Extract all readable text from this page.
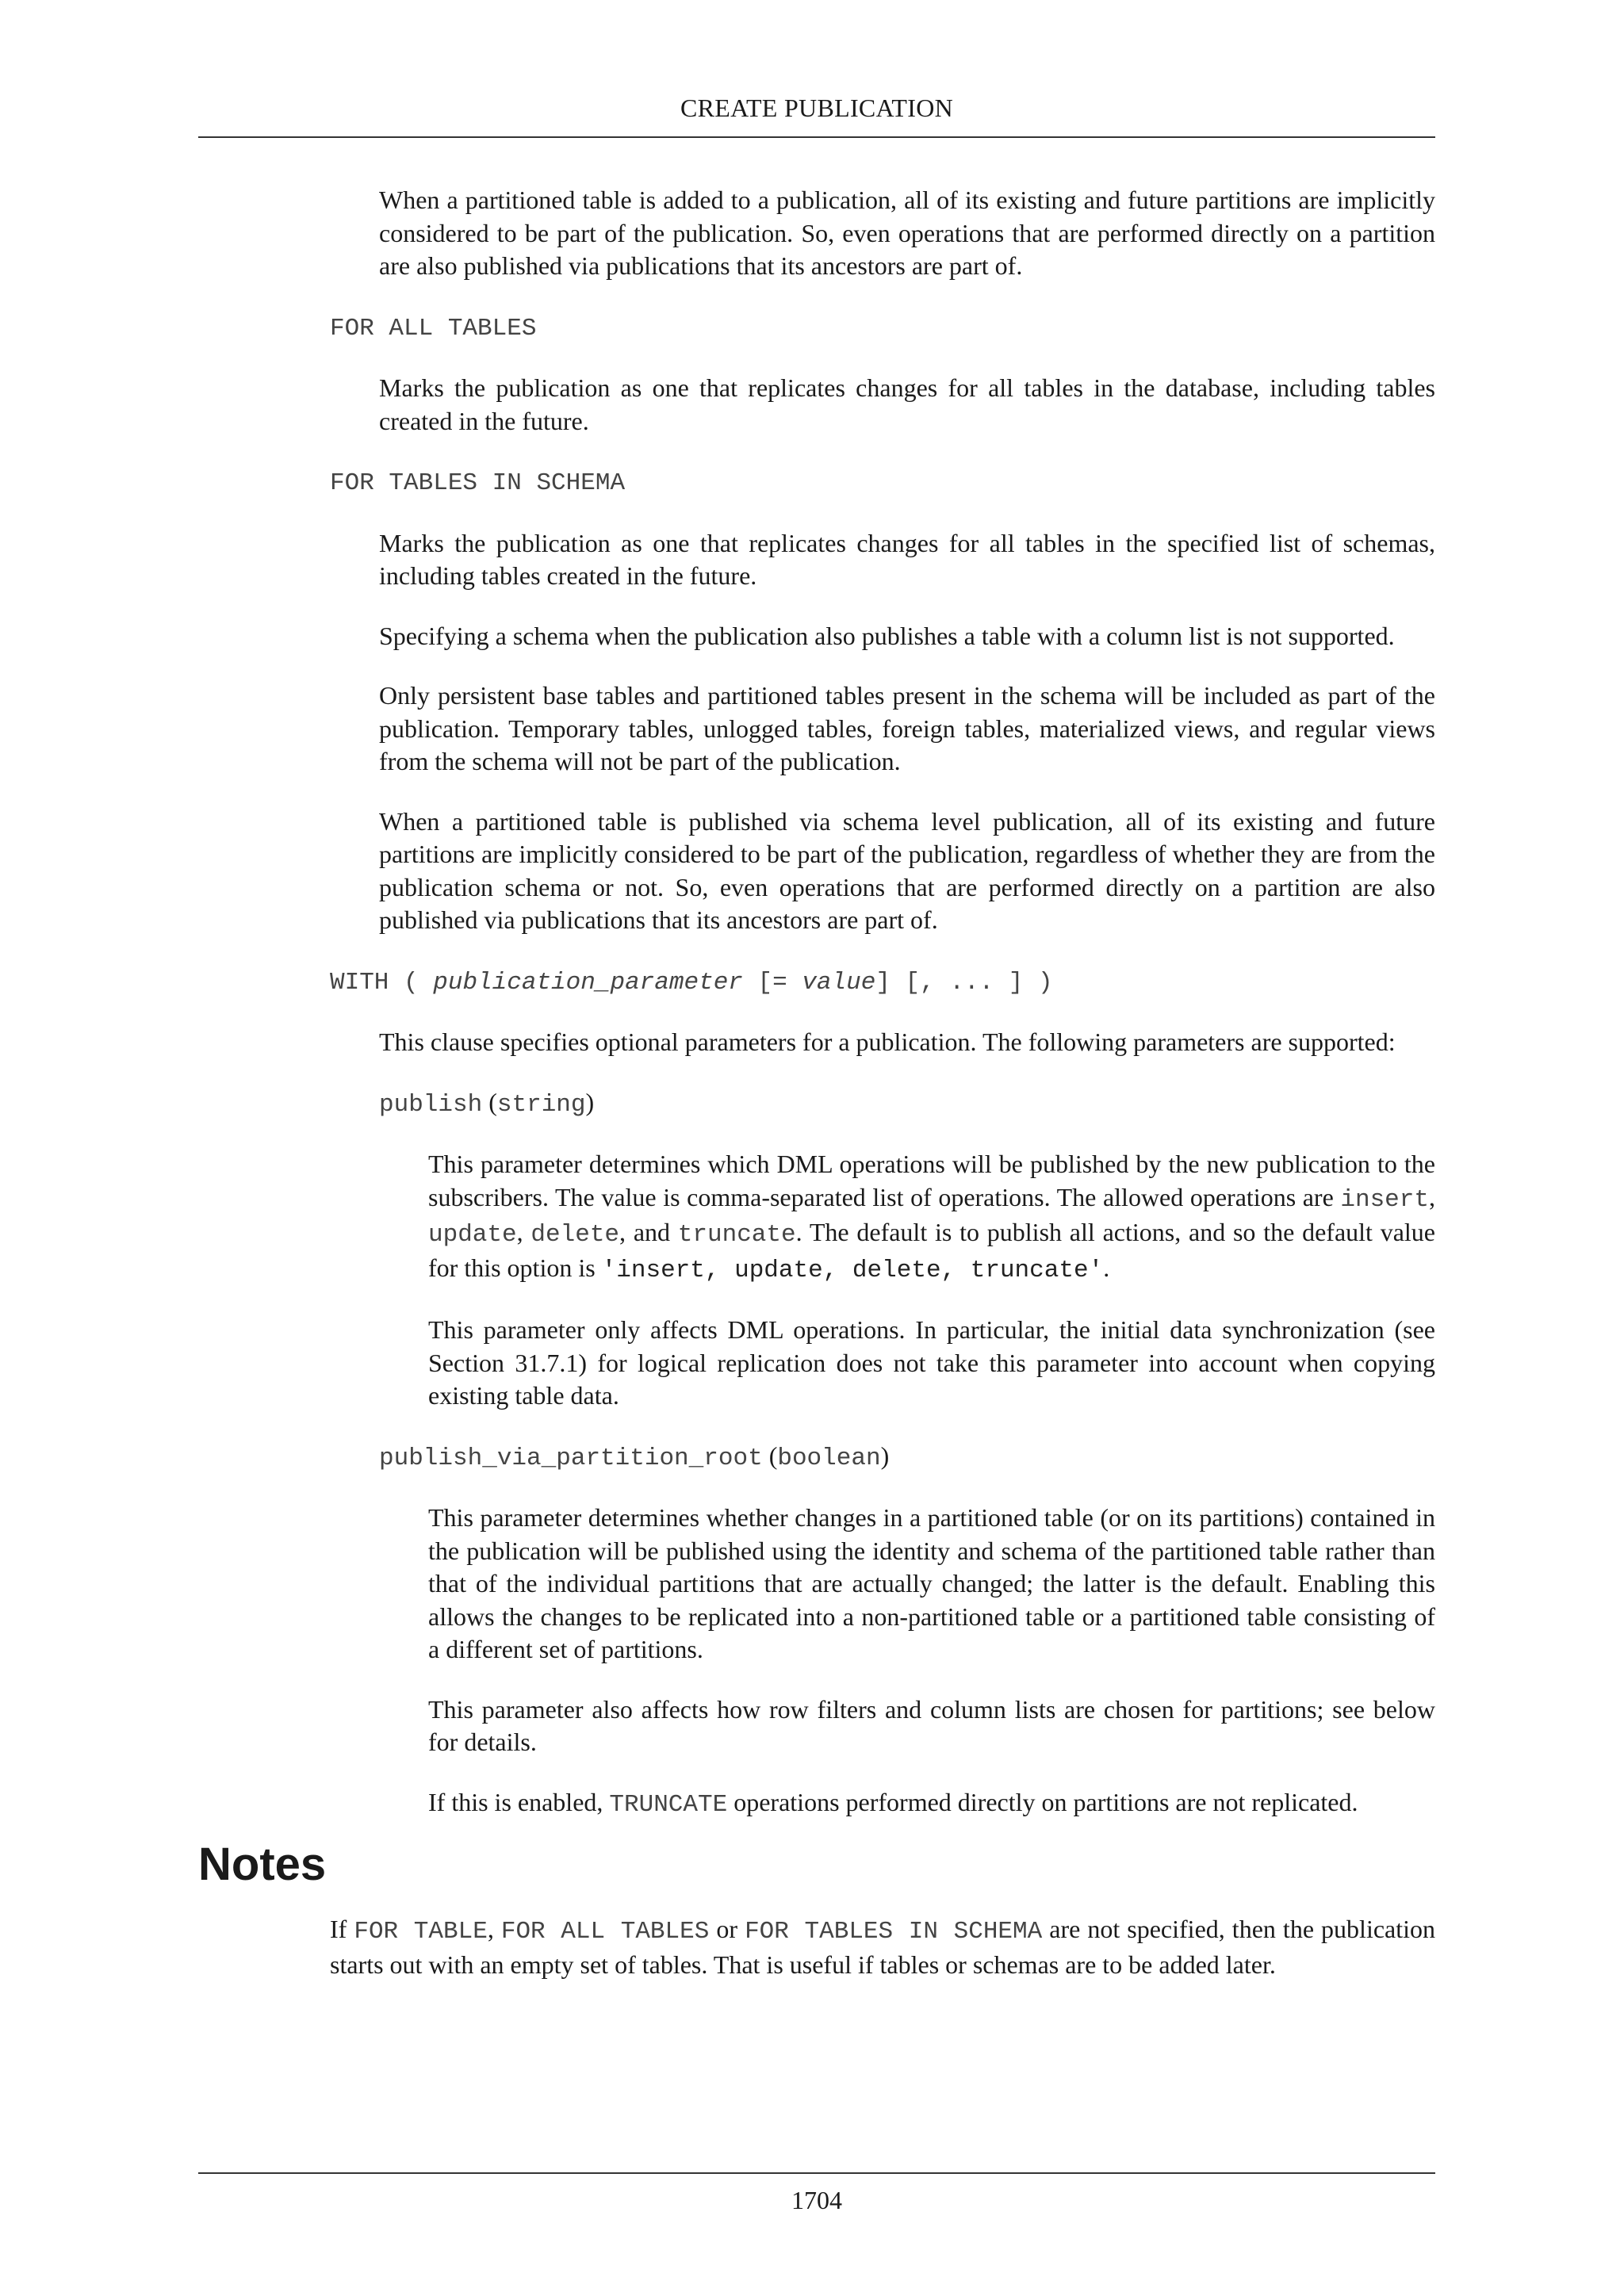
CREATE PUBLICATION

When a partitioned table is added to a publication, all of its existing and future partitions are implicitly considered to be part of the publication. So, even operations that are performed directly on a partition are also published via publications that its ancestors are part of.

FOR ALL TABLES

Marks the publication as one that replicates changes for all tables in the database, including tables created in the future.

FOR TABLES IN SCHEMA

Marks the publication as one that replicates changes for all tables in the specified list of schemas, including tables created in the future.

Specifying a schema when the publication also publishes a table with a column list is not supported.

Only persistent base tables and partitioned tables present in the schema will be included as part of the publication. Temporary tables, unlogged tables, foreign tables, materialized views, and regular views from the schema will not be part of the publication.

When a partitioned table is published via schema level publication, all of its existing and future partitions are implicitly considered to be part of the publication, regardless of whether they are from the publication schema or not. So, even operations that are performed directly on a partition are also published via publications that its ancestors are part of.

WITH ( publication_parameter [= value] [, ... ] )

This clause specifies optional parameters for a publication. The following parameters are supported:

publish (string)

This parameter determines which DML operations will be published by the new publication to the subscribers. The value is comma-separated list of operations. The allowed operations are insert, update, delete, and truncate. The default is to publish all actions, and so the default value for this option is 'insert, update, delete, truncate'.

This parameter only affects DML operations. In particular, the initial data synchronization (see Section 31.7.1) for logical replication does not take this parameter into account when copying existing table data.

publish_via_partition_root (boolean)

This parameter determines whether changes in a partitioned table (or on its partitions) contained in the publication will be published using the identity and schema of the partitioned table rather than that of the individual partitions that are actually changed; the latter is the default. Enabling this allows the changes to be replicated into a non-partitioned table or a partitioned table consisting of a different set of partitions.

This parameter also affects how row filters and column lists are chosen for partitions; see below for details.

If this is enabled, TRUNCATE operations performed directly on partitions are not replicated.

Notes

If FOR TABLE, FOR ALL TABLES or FOR TABLES IN SCHEMA are not specified, then the publication starts out with an empty set of tables. That is useful if tables or schemas are to be added later.

1704
